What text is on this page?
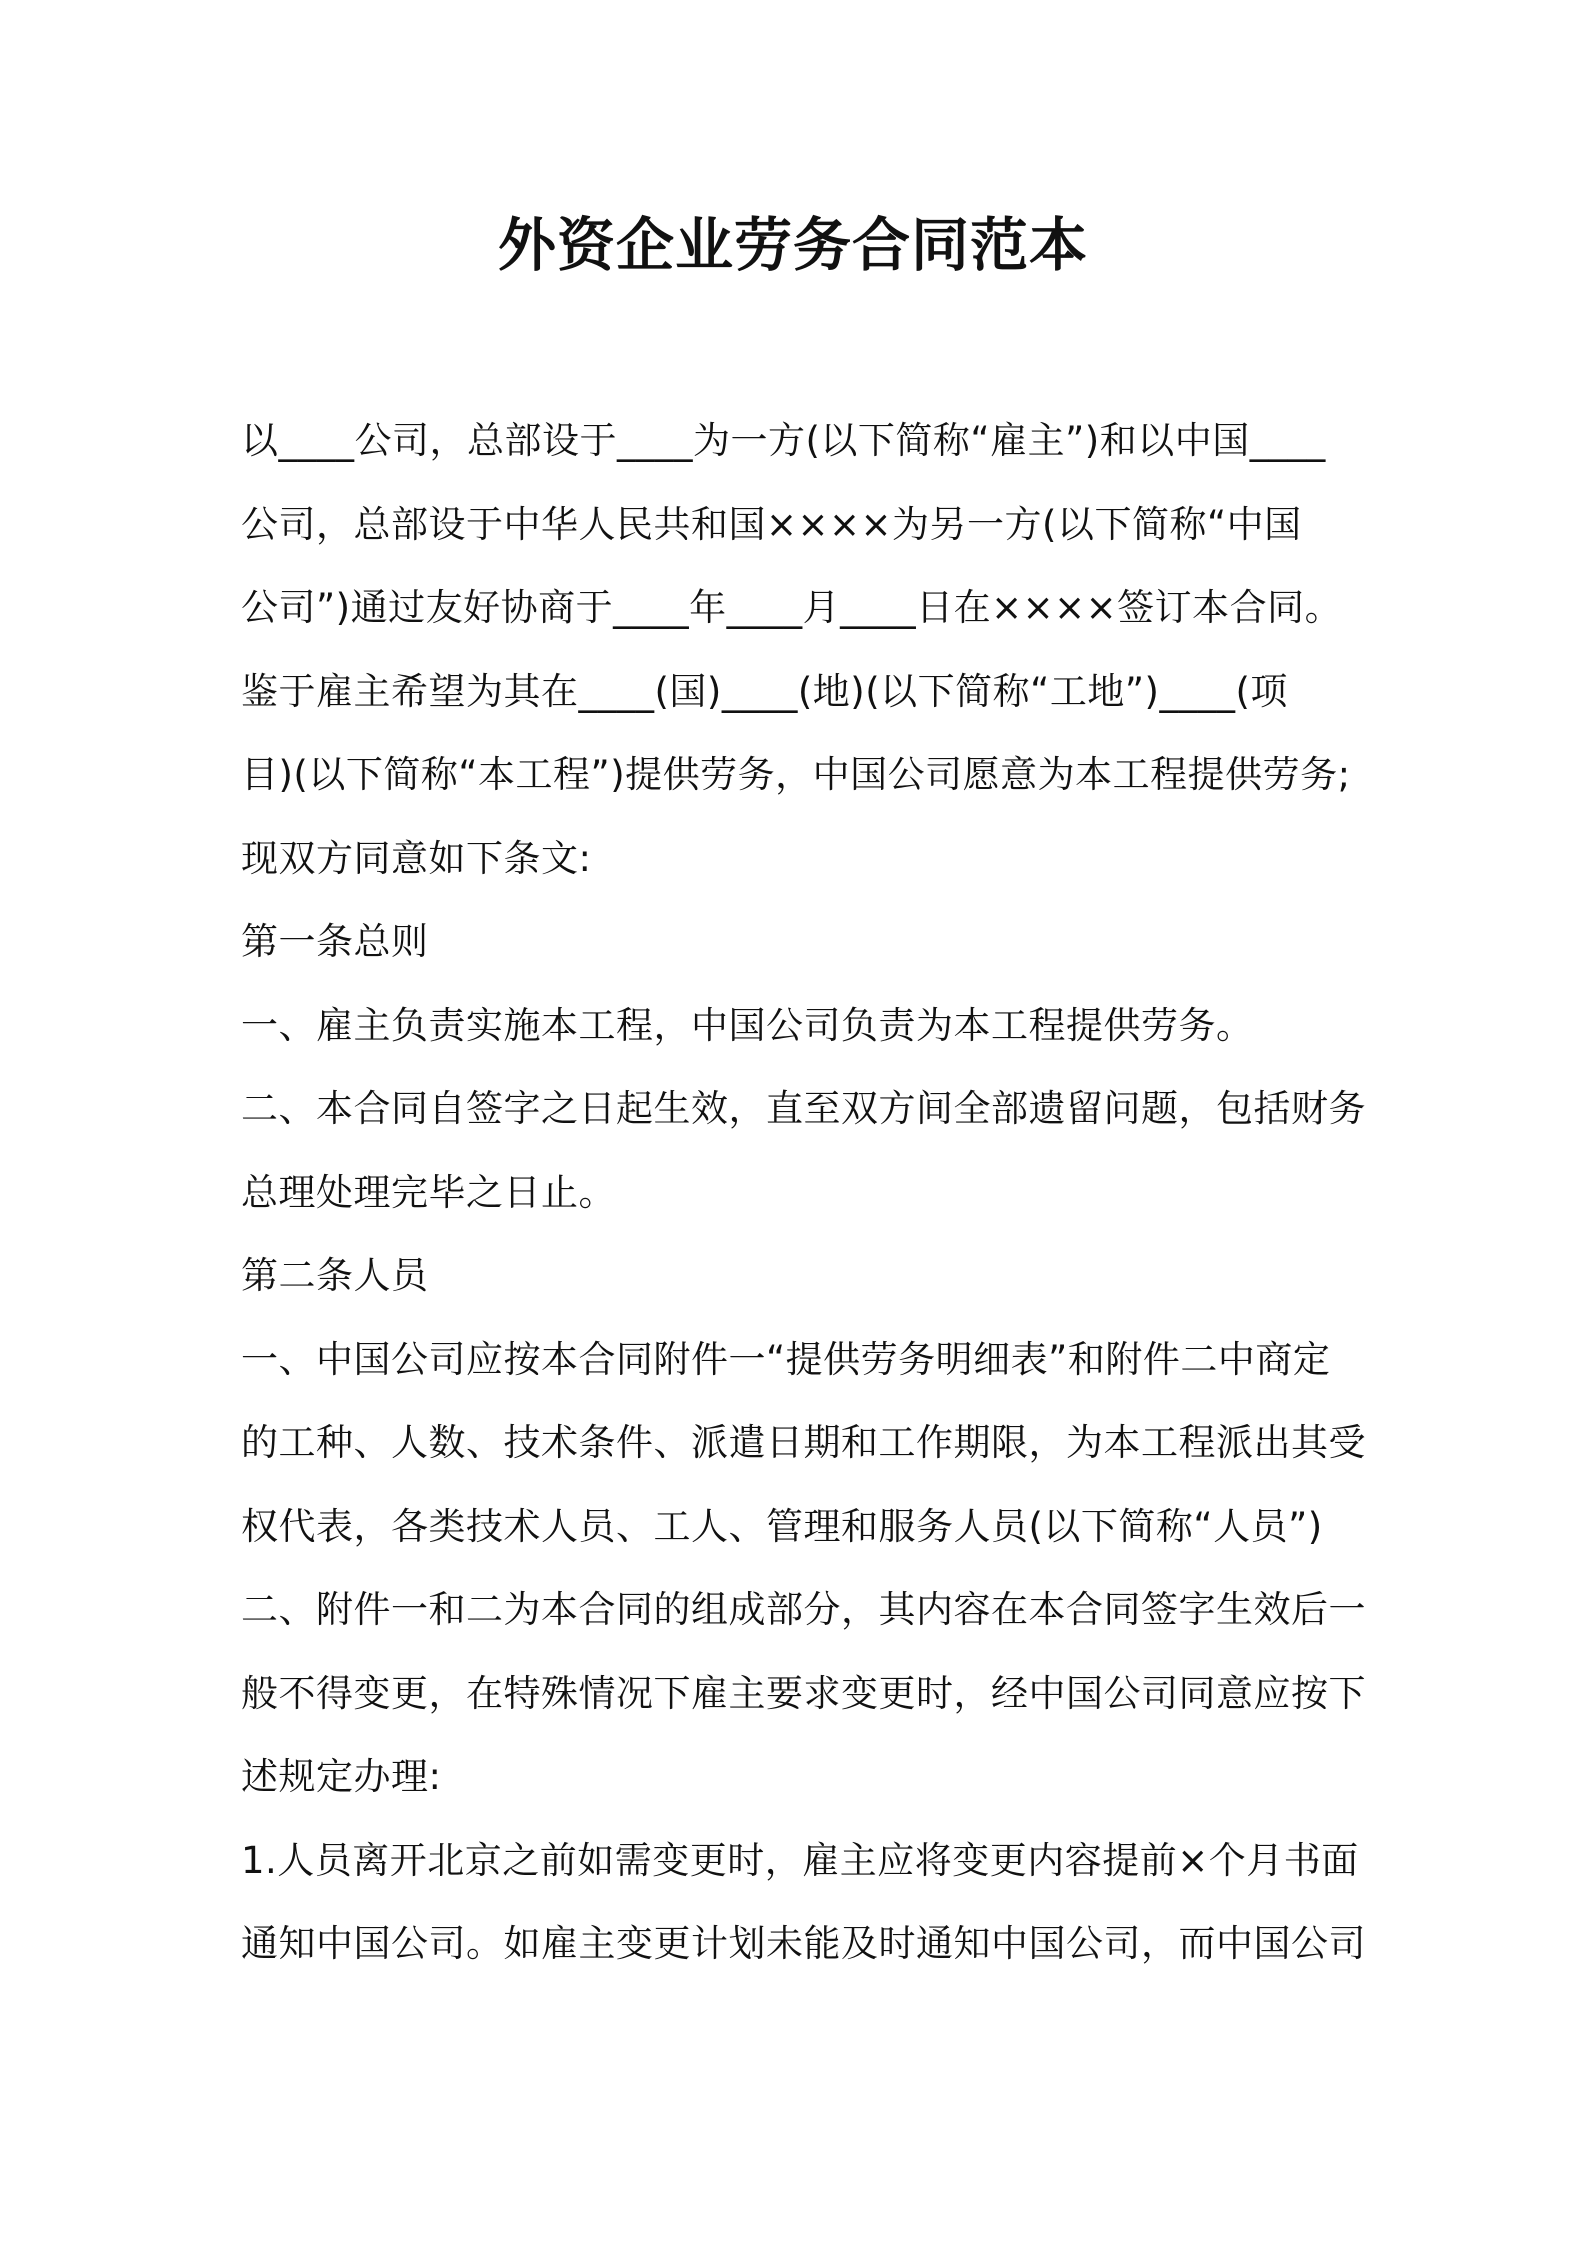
外资企业劳务合同范本
以____公司，总部设于____为一方(以下简称“雇主”)和以中国____
公司，总部设于中华人民共和国××××为另一方(以下简称“中国
公司”)通过友好协商于____年____月____日在××××签订本合同。
鉴于雇主希望为其在____(国)____(地)(以下简称“工地”)____(项
目)(以下简称“本工程”)提供劳务，中国公司愿意为本工程提供劳务;
现双方同意如下条文:
第一条总则
一、雇主负责实施本工程，中国公司负责为本工程提供劳务。
二、本合同自签字之日起生效，直至双方间全部遗留问题，包括财务
总理处理完毕之日止。
第二条人员
一、中国公司应按本合同附件一“提供劳务明细表”和附件二中商定
的工种、人数、技术条件、派遣日期和工作期限，为本工程派出其受
权代表，各类技术人员、工人、管理和服务人员(以下简称“人员”)
二、附件一和二为本合同的组成部分，其内容在本合同签字生效后一
般不得变更，在特殊情况下雇主要求变更时，经中国公司同意应按下
述规定办理:
1.人员离开北京之前如需变更时，雇主应将变更内容提前×个月书面
通知中国公司。如雇主变更计划未能及时通知中国公司，而中国公司
